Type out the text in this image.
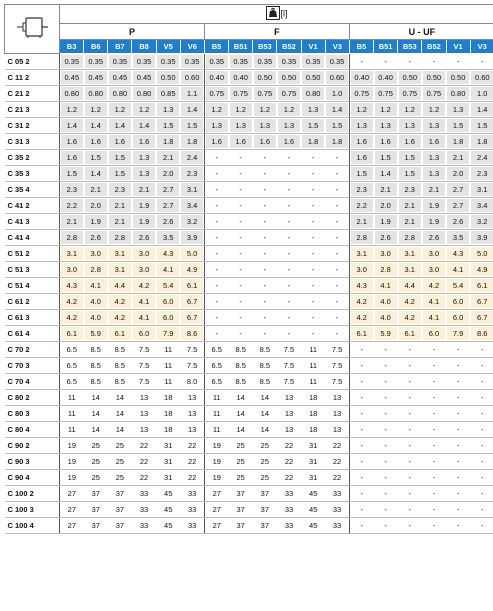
	[l]																	
	P						F						U - UF					
	B3	B6	B7	B8	V5	V6	B5	B51	B53	B52	V1	V3	B5	B51	B53	B52	V1	V3
C 05 2	0.35	0.35	0.35	0.35	0.35	0.35	0.35	0.35	0.35	0.35	0.35	0.35	-	-	-	-	-	-
C 11 2	0.45	0.45	0.45	0.45	0.50	0.60	0.40	0.40	0.50	0.50	0.50	0.60	0.40	0.40	0.50	0.50	0.50	0.60
C 21 2	0.80	0.80	0.80	0.80	0.85	1.1	0.75	0.75	0.75	0.75	0.80	1.0	0.75	0.75	0.75	0.75	0.80	1.0
C 21 3	1.2	1.2	1.2	1.2	1.3	1.4	1.2	1.2	1.2	1.2	1.3	1.4	1.2	1.2	1.2	1.2	1.3	1.4
C 31 2	1.4	1.4	1.4	1.4	1.5	1.5	1.3	1.3	1.3	1.3	1.5	1.5	1.3	1.3	1.3	1.3	1.5	1.5
C 31 3	1.6	1.6	1.6	1.6	1.8	1.8	1.6	1.6	1.6	1.6	1.8	1.8	1.6	1.6	1.6	1.6	1.8	1.8
C 35 2	1.6	1.5	1.5	1.3	2.1	2.4	-	-	-	-	-	-	1.6	1.5	1.5	1.3	2.1	2.4
C 35 3	1.5	1.4	1.5	1.3	2.0	2.3	-	-	-	-	-	-	1.5	1.4	1.5	1.3	2.0	2.3
C 35 4	2.3	2.1	2.3	2.1	2.7	3.1	-	-	-	-	-	-	2.3	2.1	2.3	2.1	2.7	3.1
C 41 2	2.2	2.0	2.1	1.9	2.7	3.4	-	-	-	-	-	-	2.2	2.0	2.1	1.9	2.7	3.4
C 41 3	2.1	1.9	2.1	1.9	2.6	3.2	-	-	-	-	-	-	2.1	1.9	2.1	1.9	2.6	3.2
C 41 4	2.8	2.6	2.8	2.6	3.5	3.9	-	-	-	-	-	-	2.8	2.6	2.8	2.6	3.5	3.9
C 51 2	3.1	3.0	3.1	3.0	4.3	5.0	-	-	-	-	-	-	3.1	3.0	3.1	3.0	4.3	5.0
C 51 3	3.0	2.8	3.1	3.0	4.1	4.9	-	-	-	-	-	-	3.0	2.8	3.1	3.0	4.1	4.9
C 51 4	4.3	4.1	4.4	4.2	5.4	6.1	-	-	-	-	-	-	4.3	4.1	4.4	4.2	5.4	6.1
C 61 2	4.2	4.0	4.2	4.1	6.0	6.7	-	-	-	-	-	-	4.2	4.0	4.2	4.1	6.0	6.7
C 61 3	4.2	4.0	4.2	4.1	6.0	6.7	-	-	-	-	-	-	4.2	4.0	4.2	4.1	6.0	6.7
C 61 4	6.1	5.9	6.1	6.0	7.9	8.6	-	-	-	-	-	-	6.1	5.9	6.1	6.0	7.9	8.6
C 70 2	6.5	8.5	8.5	7.5	11	7.5	6.5	8.5	8.5	7.5	11	7.5	-	-	-	-	-	-
C 70 3	6.5	8.5	8.5	7.5	11	7.5	6.5	8.5	8.5	7.5	11	7.5	-	-	-	-	-	-
C 70 4	6.5	8.5	8.5	7.5	11	8.0	6.5	8.5	8.5	7.5	11	7.5	-	-	-	-	-	-
C 80 2	11	14	14	13	18	13	11	14	14	13	18	13	-	-	-	-	-	-
C 80 3	11	14	14	13	18	13	11	14	14	13	18	13	-	-	-	-	-	-
C 80 4	11	14	14	13	18	13	11	14	14	13	18	13	-	-	-	-	-	-
C 90 2	19	25	25	22	31	22	19	25	25	22	31	22	-	-	-	-	-	-
C 90 3	19	25	25	22	31	22	19	25	25	22	31	22	-	-	-	-	-	-
C 90 4	19	25	25	22	31	22	19	25	25	22	31	22	-	-	-	-	-	-
C 100 2	27	37	37	33	45	33	27	37	37	33	45	33	-	-	-	-	-	-
C 100 3	27	37	37	33	45	33	27	37	37	33	45	33	-	-	-	-	-	-
C 100 4	27	37	37	33	45	33	27	37	37	33	45	33	-	-	-	-	-	-
